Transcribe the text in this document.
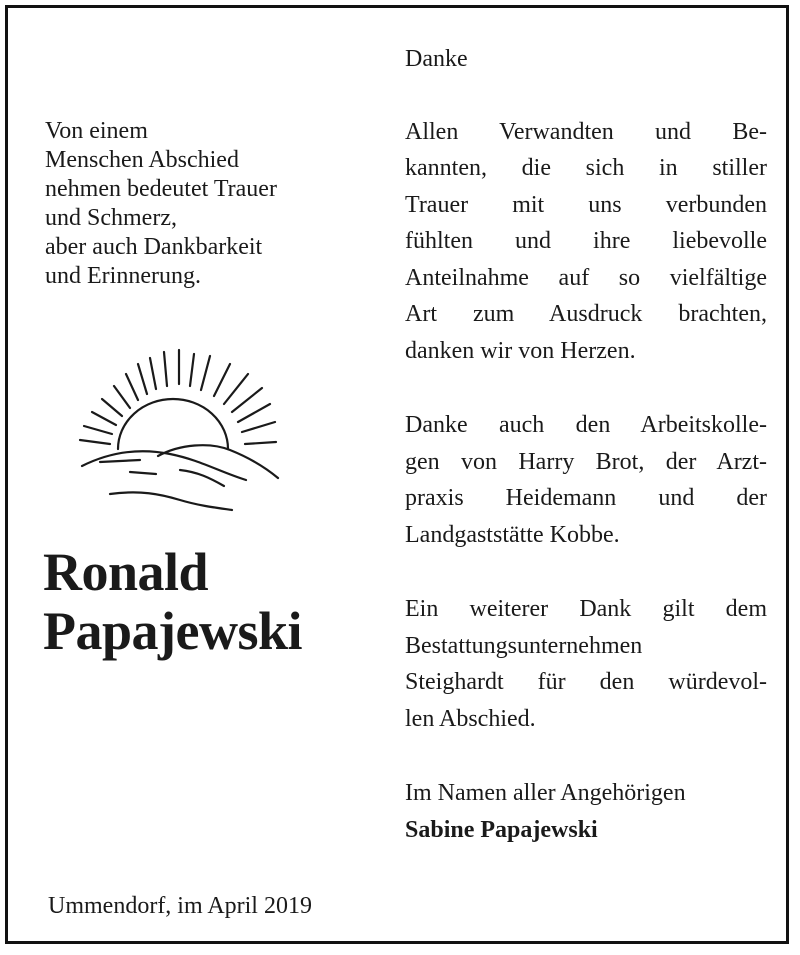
Von einem
Menschen Abschied
nehmen bedeutet Trauer
und Schmerz,
aber auch Dankbarkeit
und Erinnerung.

Ronald
Papajewski
Ummendorf, im April 2019

Danke

Allen Verwandten und Be-
kannten, die sich in stiller
Trauer mit uns verbunden
fühlten und ihre liebevolle
Anteilnahme auf so vielfältige
Art zum Ausdruck brachten,
danken wir von Herzen.

Danke auch den Arbeitskolle-
gen von Harry Brot, der Arzt-
praxis Heidemann und der
Landgaststätte Kobbe.

Ein weiterer Dank gilt dem
Bestattungsunternehmen
Steighardt für den würdevol-
len Abschied.

Im Namen aller Angehörigen

Sabine Papajewski
